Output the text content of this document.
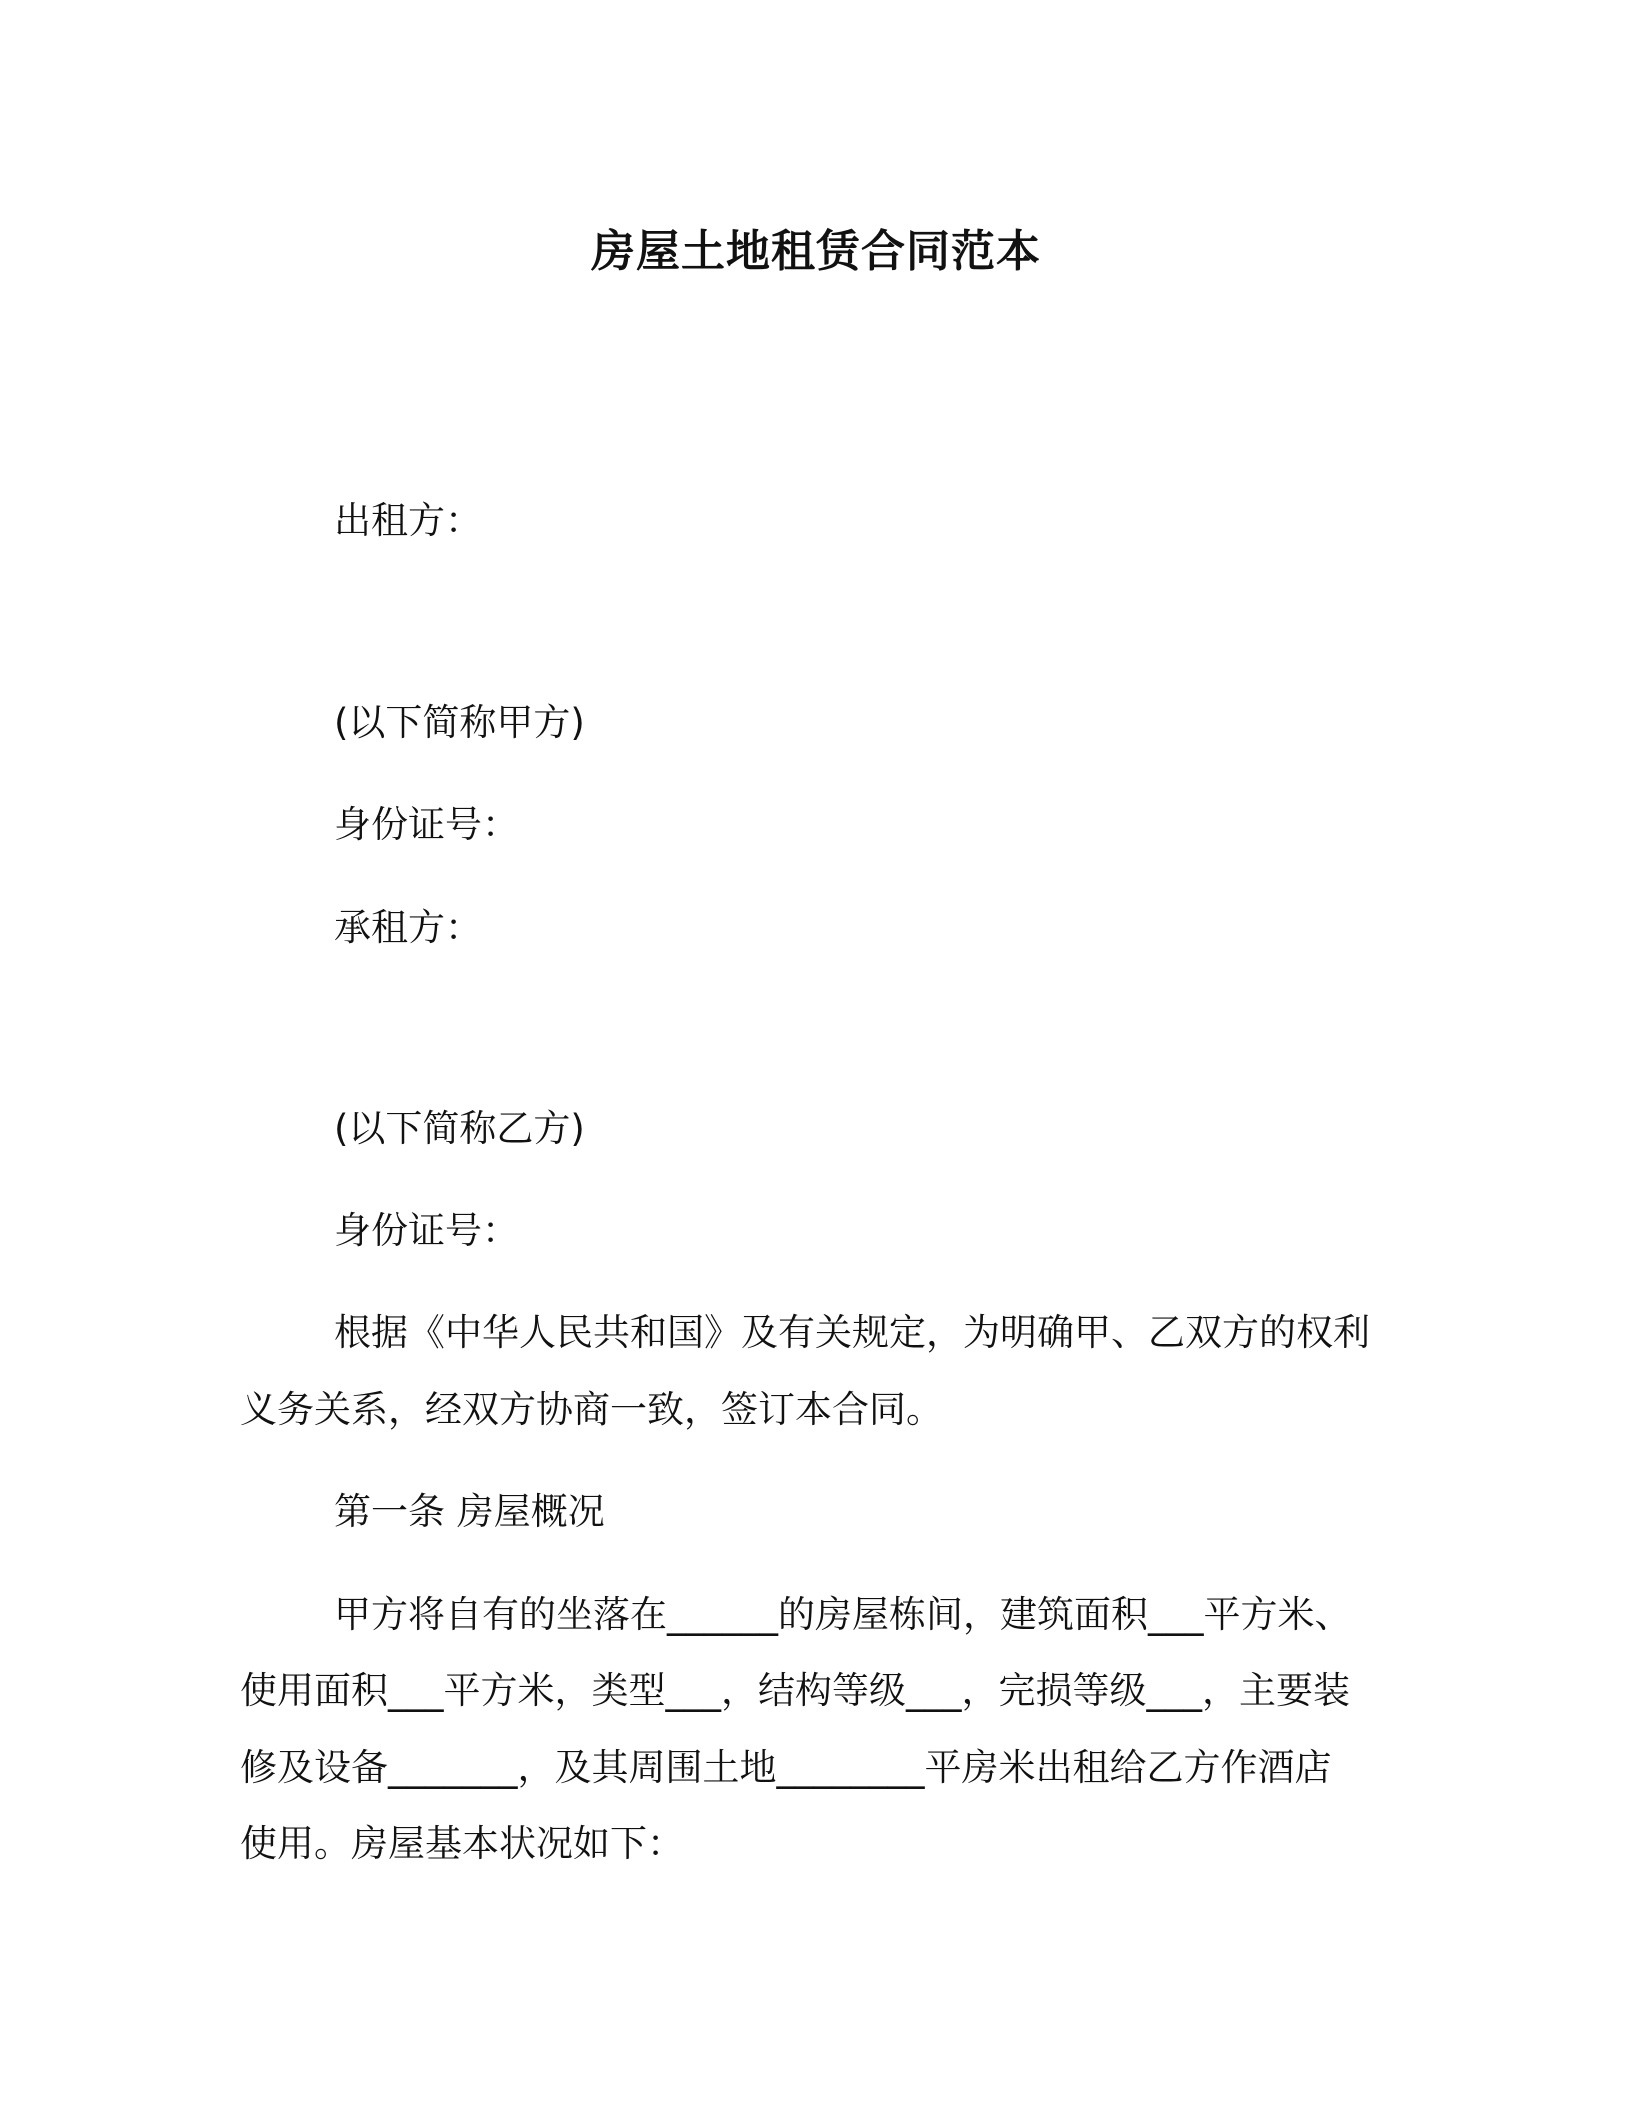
房屋土地租赁合同范本
出租方：
(以下简称甲方)
身份证号：
承租方：
(以下简称乙方)
身份证号：
根据《中华人民共和国》及有关规定，为明确甲、乙双方的权利
义务关系，经双方协商一致，签订本合同。
第一条 房屋概况
甲方将自有的坐落在______的房屋栋间，建筑面积___平方米、
使用面积___平方米，类型___，结构等级___，完损等级___，主要装
修及设备_______，及其周围土地________平房米出租给乙方作酒店
使用。房屋基本状况如下：
